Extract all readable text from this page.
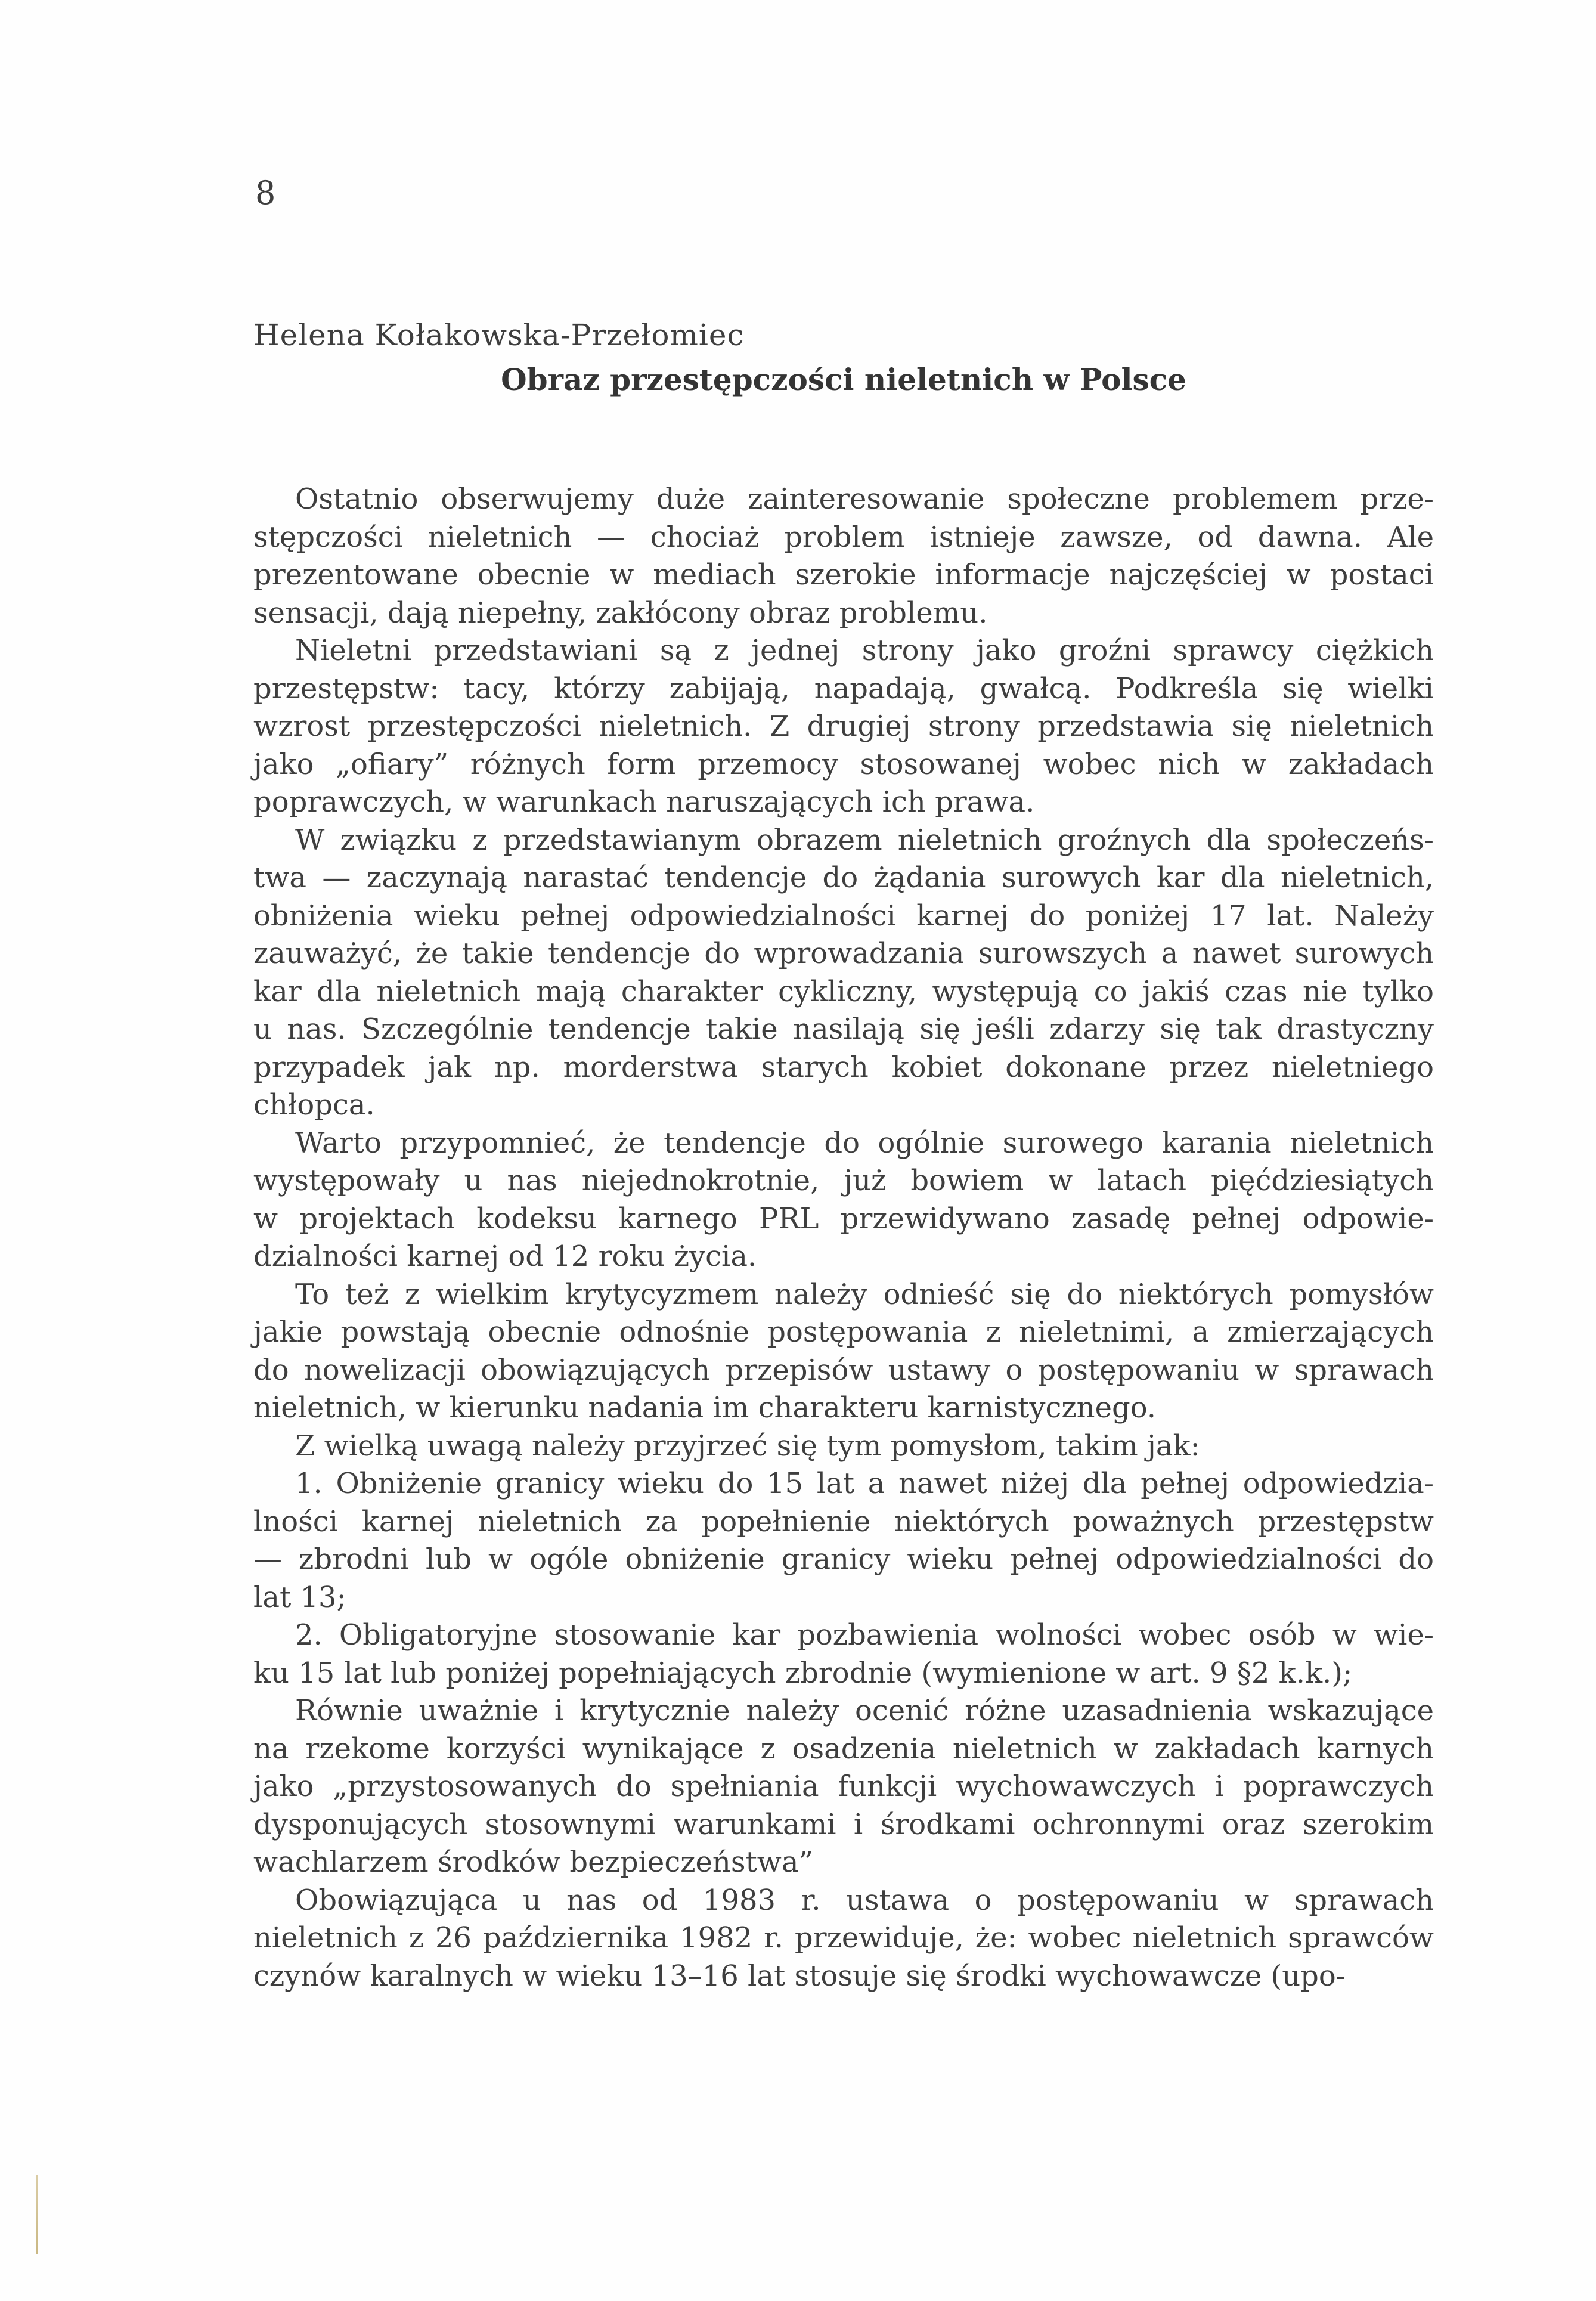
8
Helena Kołakowska-Przełomiec
Obraz przestępczości nieletnich w Polsce
Ostatnio obserwujemy duże zainteresowanie społeczne problemem prze-
stępczości nieletnich — chociaż problem istnieje zawsze, od dawna. Ale
prezentowane obecnie w mediach szerokie informacje najczęściej w postaci
sensacji, dają niepełny, zakłócony obraz problemu.
Nieletni przedstawiani są z jednej strony jako groźni sprawcy ciężkich
przestępstw: tacy, którzy zabijają, napadają, gwałcą. Podkreśla się wielki
wzrost przestępczości nieletnich. Z drugiej strony przedstawia się nieletnich
jako „ofiary” różnych form przemocy stosowanej wobec nich w zakładach
poprawczych, w warunkach naruszających ich prawa.
W związku z przedstawianym obrazem nieletnich groźnych dla społeczeńs-
twa — zaczynają narastać tendencje do żądania surowych kar dla nieletnich,
obniżenia wieku pełnej odpowiedzialności karnej do poniżej 17 lat. Należy
zauważyć, że takie tendencje do wprowadzania surowszych a nawet surowych
kar dla nieletnich mają charakter cykliczny, występują co jakiś czas nie tylko
u nas. Szczególnie tendencje takie nasilają się jeśli zdarzy się tak drastyczny
przypadek jak np. morderstwa starych kobiet dokonane przez nieletniego
chłopca.
Warto przypomnieć, że tendencje do ogólnie surowego karania nieletnich
występowały u nas niejednokrotnie, już bowiem w latach pięćdziesiątych
w projektach kodeksu karnego PRL przewidywano zasadę pełnej odpowie-
dzialności karnej od 12 roku życia.
To też z wielkim krytycyzmem należy odnieść się do niektórych pomysłów
jakie powstają obecnie odnośnie postępowania z nieletnimi, a zmierzających
do nowelizacji obowiązujących przepisów ustawy o postępowaniu w sprawach
nieletnich, w kierunku nadania im charakteru karnistycznego.
Z wielką uwagą należy przyjrzeć się tym pomysłom, takim jak:
1. Obniżenie granicy wieku do 15 lat a nawet niżej dla pełnej odpowiedzia-
lności karnej nieletnich za popełnienie niektórych poważnych przestępstw
— zbrodni lub w ogóle obniżenie granicy wieku pełnej odpowiedzialności do
lat 13;
2. Obligatoryjne stosowanie kar pozbawienia wolności wobec osób w wie-
ku 15 lat lub poniżej popełniających zbrodnie (wymienione w art. 9 §2 k.k.);
Równie uważnie i krytycznie należy ocenić różne uzasadnienia wskazujące
na rzekome korzyści wynikające z osadzenia nieletnich w zakładach karnych
jako „przystosowanych do spełniania funkcji wychowawczych i poprawczych
dysponujących stosownymi warunkami i środkami ochronnymi oraz szerokim
wachlarzem środków bezpieczeństwa”
Obowiązująca u nas od 1983 r. ustawa o postępowaniu w sprawach
nieletnich z 26 października 1982 r. przewiduje, że: wobec nieletnich sprawców
czynów karalnych w wieku 13–16 lat stosuje się środki wychowawcze (upo-
